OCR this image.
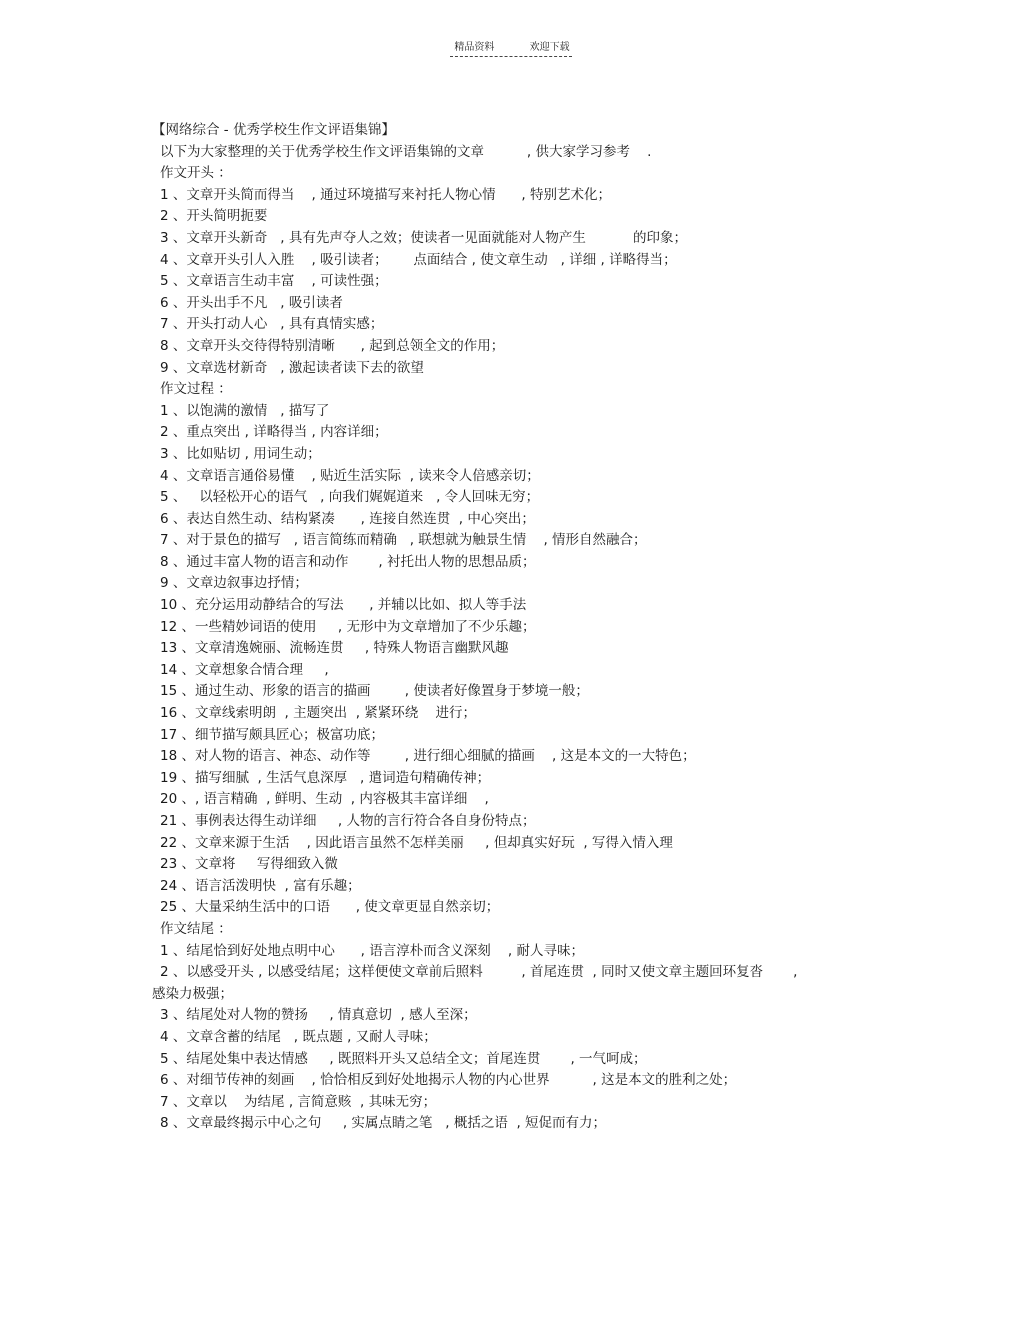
精品资料	欢迎下载
【网络综合 - 优秀学校生作文评语集锦】
以下为大家整理的关于优秀学校生作文评语集锦的文章          , 供大家学习参考    .
作文开头 ：
1 、文章开头简而得当    , 通过环境描写来衬托人物心情      , 特别艺术化；
2 、开头简明扼要
3 、文章开头新奇   , 具有先声夺人之效；使读者一见面就能对人物产生           的印象；
4 、文章开头引人入胜    , 吸引读者；      点面结合 , 使文章生动   , 详细 , 详略得当；
5 、文章语言生动丰富    , 可读性强；
6 、开头出手不凡   , 吸引读者
7 、开头打动人心   , 具有真情实感；
8 、文章开头交待得特别清晰      , 起到总领全文的作用；
9 、文章选材新奇   , 激起读者读下去的欲望
作文过程 ：
1 、以饱满的激情   , 描写了
2 、重点突出 , 详略得当 , 内容详细；
3 、比如贴切 , 用词生动；
4 、文章语言通俗易懂    , 贴近生活实际  , 读来令人倍感亲切；
5 、   以轻松开心的语气   , 向我们娓娓道来   , 令人回味无穷；
6 、表达自然生动、结构紧凑      , 连接自然连贯  , 中心突出；
7 、对于景色的描写   , 语言简练而精确   , 联想就为触景生情    , 情形自然融合；
8 、通过丰富人物的语言和动作       , 衬托出人物的思想品质；
9 、文章边叙事边抒情；
10 、充分运用动静结合的写法      , 并辅以比如、拟人等手法
12 、一些精妙词语的使用     , 无形中为文章增加了不少乐趣；
13 、文章清逸婉丽、流畅连贯     , 特殊人物语言幽默风趣
14 、文章想象合情合理     ,
15 、通过生动、形象的语言的描画        , 使读者好像置身于梦境一般；
16 、文章线索明朗  , 主题突出  , 紧紧环绕    进行；
17 、细节描写颇具匠心；极富功底；
18 、对人物的语言、神态、动作等        , 进行细心细腻的描画    , 这是本文的一大特色；
19 、描写细腻  , 生活气息深厚   , 遣词造句精确传神；
20 、, 语言精确  , 鲜明、生动  , 内容极其丰富详细    ,
21 、事例表达得生动详细     , 人物的言行符合各自身份特点；
22 、文章来源于生活    , 因此语言虽然不怎样美丽     , 但却真实好玩  , 写得入情入理
23 、文章将     写得细致入微
24 、语言活泼明快  , 富有乐趣；
25 、大量采纳生活中的口语      , 使文章更显自然亲切；
作文结尾 ：
1 、结尾恰到好处地点明中心      , 语言淳朴而含义深刻    , 耐人寻味；
2 、以感受开头 , 以感受结尾；这样便使文章前后照料         , 首尾连贯  , 同时又使文章主题回环复沓       ,
感染力极强；
3 、结尾处对人物的赞扬     , 情真意切  , 感人至深；
4 、文章含蓄的结尾   , 既点题 , 又耐人寻味；
5 、结尾处集中表达情感     , 既照料开头又总结全文；首尾连贯       , 一气呵成；
6 、对细节传神的刻画    , 恰恰相反到好处地揭示人物的内心世界          , 这是本文的胜利之处；
7 、文章以    为结尾 , 言简意赅  , 其味无穷；
8 、文章最终揭示中心之句     , 实属点睛之笔   , 概括之语  , 短促而有力；
